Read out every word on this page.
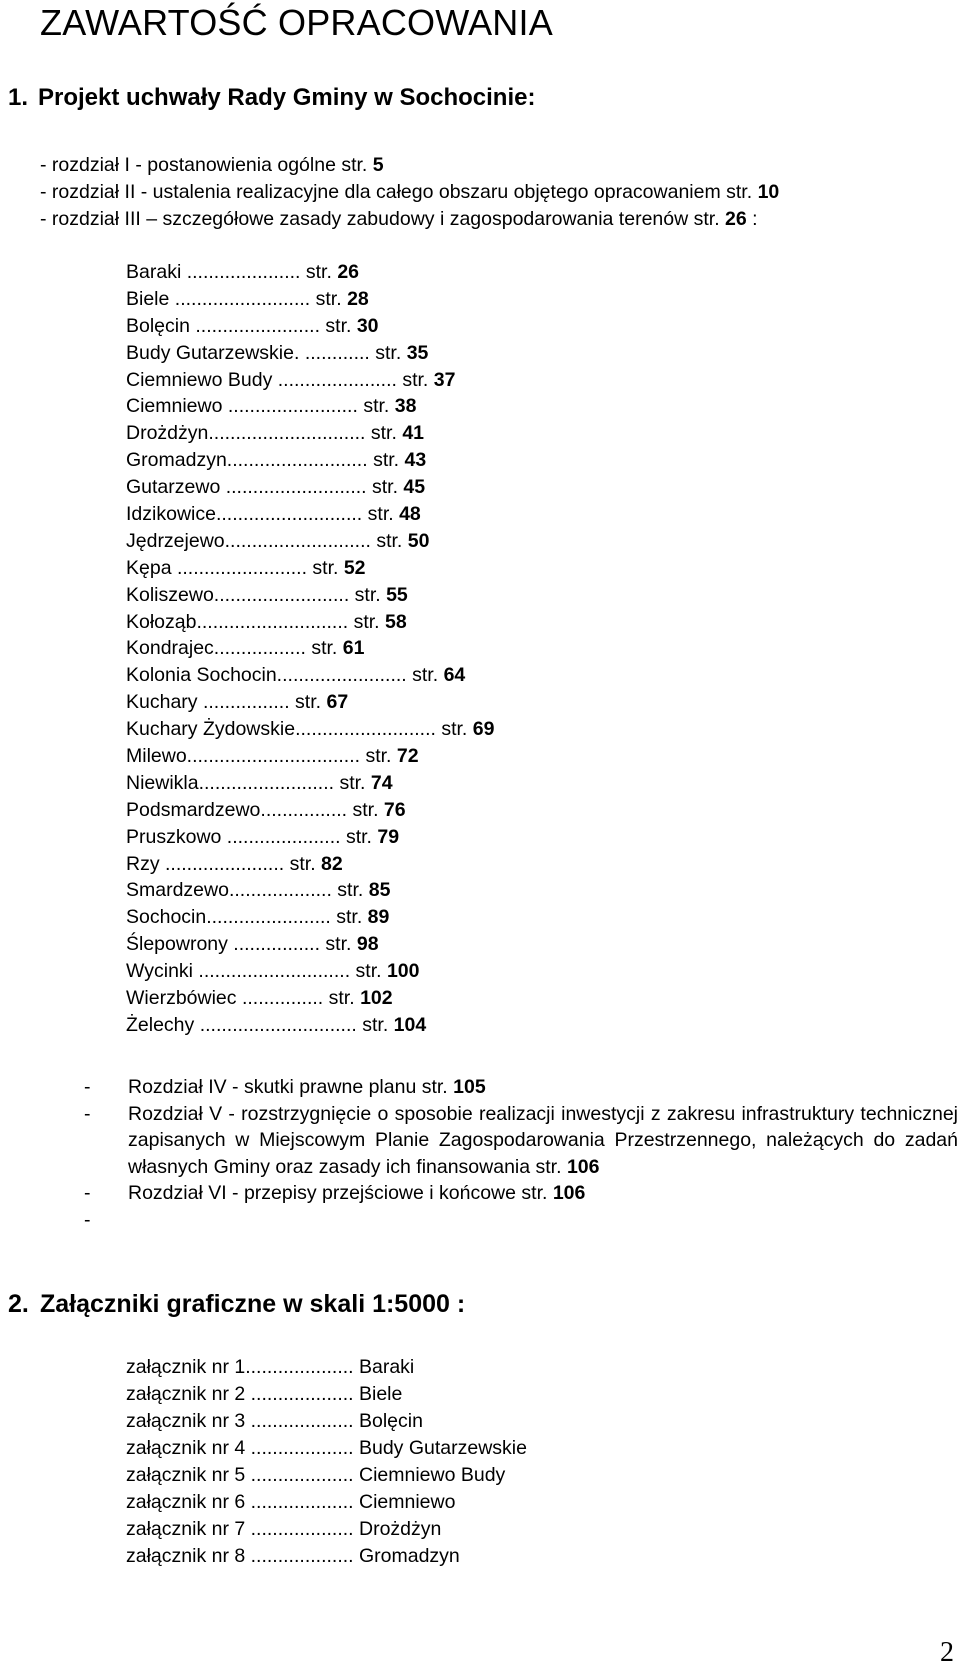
ZAWARTOŚĆ OPRACOWANIA
1. Projekt uchwały Rady Gminy w Sochocinie:
- rozdział I - postanowienia ogólne str. 5
- rozdział II - ustalenia realizacyjne dla całego obszaru objętego opracowaniem str. 10
- rozdział III – szczegółowe zasady zabudowy i zagospodarowania terenów str. 26 :
Baraki ..................... str. 26
Biele ......................... str. 28
Bolęcin ....................... str. 30
Budy Gutarzewskie. ............ str. 35
Ciemniewo Budy ...................... str. 37
Ciemniewo ........................ str. 38
Drożdżyn............................. str. 41
Gromadzyn.......................... str. 43
Gutarzewo .......................... str. 45
Idzikowice........................... str. 48
Jędrzejewo........................... str. 50
Kępa ........................ str. 52
Koliszewo......................... str. 55
Kołoząb............................ str. 58
Kondrajec................. str. 61
Kolonia Sochocin........................ str. 64
Kuchary ................ str. 67
Kuchary Żydowskie.......................... str. 69
Milewo................................ str. 72
Niewikla......................... str. 74
Podsmardzewo................ str. 76
Pruszkowo ..................... str. 79
Rzy ...................... str. 82
Smardzewo................... str. 85
Sochocin....................... str. 89
Ślepowrony ................ str. 98
Wycinki ............................ str. 100
Wierzbówiec ............... str. 102
Żelechy ............................. str. 104
-	Rozdział IV - skutki prawne planu str. 105
-	Rozdział V - rozstrzygnięcie o sposobie realizacji inwestycji z zakresu infrastruktury technicznej zapisanych w Miejscowym Planie Zagospodarowania Przestrzennego, należących do zadań własnych Gminy oraz zasady ich finansowania str. 106
-	Rozdział VI - przepisy przejściowe i końcowe str. 106
-
2. Załączniki graficzne w skali 1:5000 :
załącznik nr 1.................... Baraki
załącznik nr 2 ................... Biele
załącznik nr 3 ................... Bolęcin
załącznik nr 4 ................... Budy Gutarzewskie
załącznik nr 5 ................... Ciemniewo Budy
załącznik nr 6 ................... Ciemniewo
załącznik nr 7 ................... Drożdżyn
załącznik nr 8 ................... Gromadzyn
2
